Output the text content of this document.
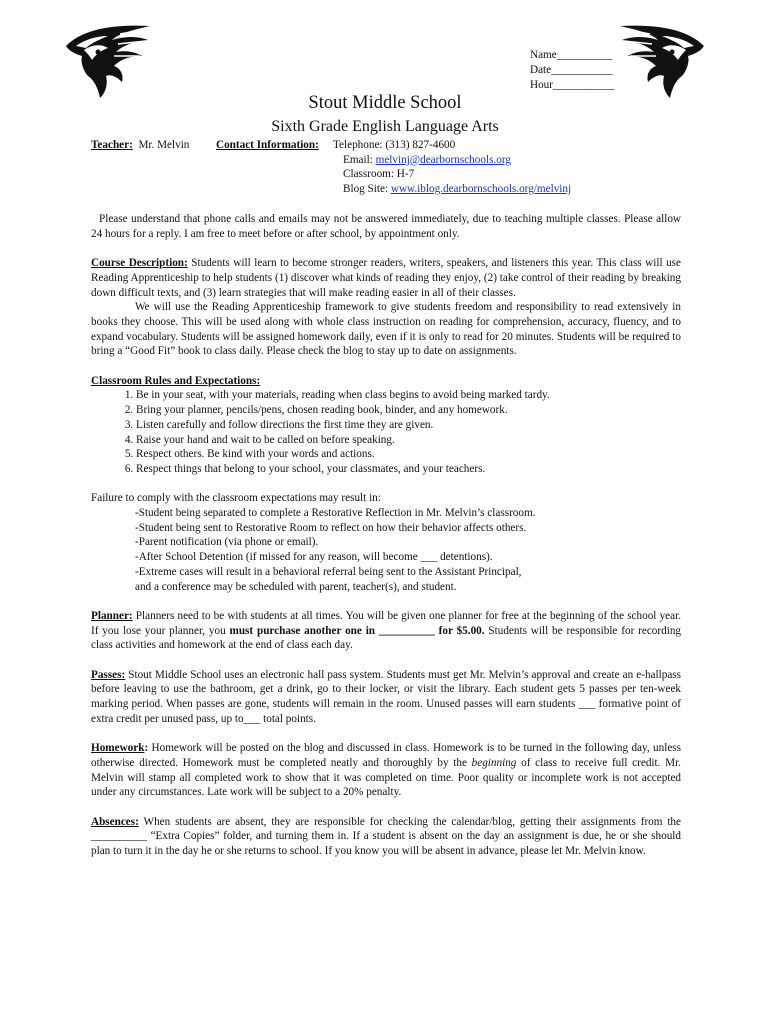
Name__________
Date___________
Hour___________
Stout Middle School
Sixth Grade English Language Arts
Teacher: Mr. Melvin Contact Information: Telephone: (313) 827-4600
Email: melvinj@dearbornschools.org
Classroom: H-7
Blog Site: www.iblog.dearbornschools.org/melvinj

Please understand that phone calls and emails may not be answered immediately, due to teaching multiple classes. Please allow 24 hours for a reply. I am free to meet before or after school, by appointment only.

Course Description: Students will learn to become stronger readers, writers, speakers, and listeners this year. This class will use Reading Apprenticeship to help students (1) discover what kinds of reading they enjoy, (2) take control of their reading by breaking down difficult texts, and (3) learn strategies that will make reading easier in all of their classes.

We will use the Reading Apprenticeship framework to give students freedom and responsibility to read extensively in books they choose. This will be used along with whole class instruction on reading for comprehension, accuracy, fluency, and to expand vocabulary. Students will be assigned homework daily, even if it is only to read for 20 minutes. Students will be required to bring a “Good Fit” book to class daily. Please check the blog to stay up to date on assignments.

Classroom Rules and Expectations:

1. Be in your seat, with your materials, reading when class begins to avoid being marked tardy.
2. Bring your planner, pencils/pens, chosen reading book, binder, and any homework.
3. Listen carefully and follow directions the first time they are given.
4. Raise your hand and wait to be called on before speaking.
5. Respect others. Be kind with your words and actions.
6. Respect things that belong to your school, your classmates, and your teachers.

Failure to comply with the classroom expectations may result in:

-Student being separated to complete a Restorative Reflection in Mr. Melvin’s classroom.

-Student being sent to Restorative Room to reflect on how their behavior affects others.

-Parent notification (via phone or email).

-After School Detention (if missed for any reason, will become ___ detentions).

-Extreme cases will result in a behavioral referral being sent to the Assistant Principal,

and a conference may be scheduled with parent, teacher(s), and student.

Planner: Planners need to be with students at all times. You will be given one planner for free at the beginning of the school year. If you lose your planner, you must purchase another one in __________ for $5.00. Students will be responsible for recording class activities and homework at the end of class each day.

Passes: Stout Middle School uses an electronic hall pass system. Students must get Mr. Melvin’s approval and create an e-hallpass before leaving to use the bathroom, get a drink, go to their locker, or visit the library. Each student gets 5 passes per ten-week marking period. When passes are gone, students will remain in the room. Unused passes will earn students ___ formative point of extra credit per unused pass, up to___ total points.

Homework: Homework will be posted on the blog and discussed in class. Homework is to be turned in the following day, unless otherwise directed. Homework must be completed neatly and thoroughly by the beginning of class to receive full credit. Mr. Melvin will stamp all completed work to show that it was completed on time. Poor quality or incomplete work is not accepted under any circumstances. Late work will be subject to a 20% penalty.

Absences: When students are absent, they are responsible for checking the calendar/blog, getting their assignments from the __________ “Extra Copies” folder, and turning them in. If a student is absent on the day an assignment is due, he or she should plan to turn it in the day he or she returns to school. If you know you will be absent in advance, please let Mr. Melvin know.
